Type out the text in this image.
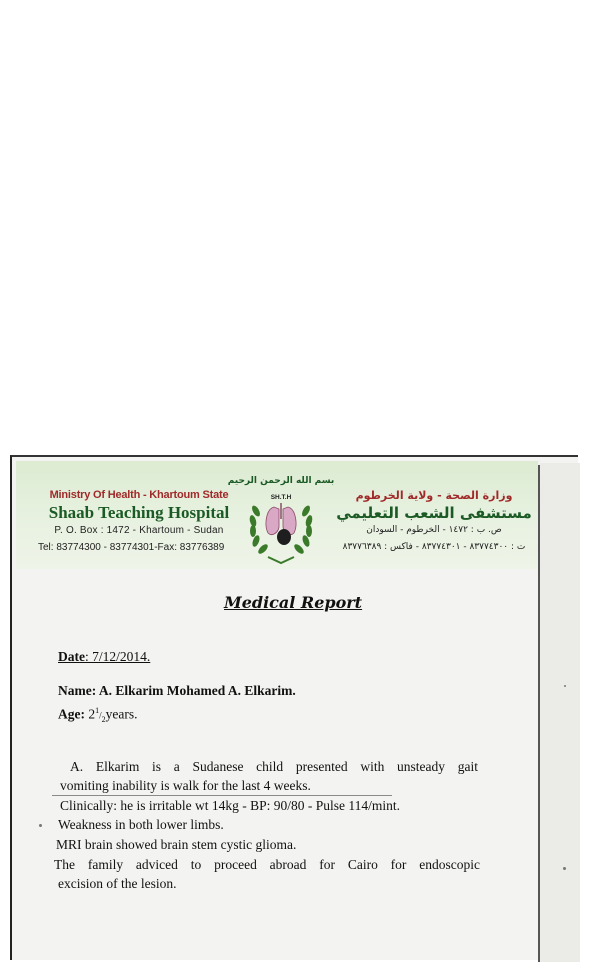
Ministry Of Health - Khartoum State
Shaab Teaching Hospital
P. O. Box : 1472 - Khartoum - Sudan
Tel: 83774300 - 83774301-Fax: 83776389
بسم الله الرحمن الرحيم
SH.T.H	وزارة الصحة - ولاية الخرطوم
مستشفى الشعب التعليمي
ص. ب : ١٤٧٢ - الخرطوم - السودان
ت : ٨٣٧٧٤٣٠٠ - ٨٣٧٧٤٣٠١ - فاكس : ٨٣٧٧٦٣٨٩
Medical Report
Date: 7/12/2014.
Name: A. Elkarim Mohamed A. Elkarim.
Age: $2^1/_2years$.
A. Elkarim is a Sudanese child presented with unsteady gait
vomiting inability is walk for the last 4 weeks.
Clinically: he is irritable wt 14kg - BP: 90/80 - Pulse 114/mint.
Weakness in both lower limbs.
MRI brain showed brain stem cystic glioma.
The family adviced to proceed abroad for Cairo for endoscopic
excision of the lesion.
